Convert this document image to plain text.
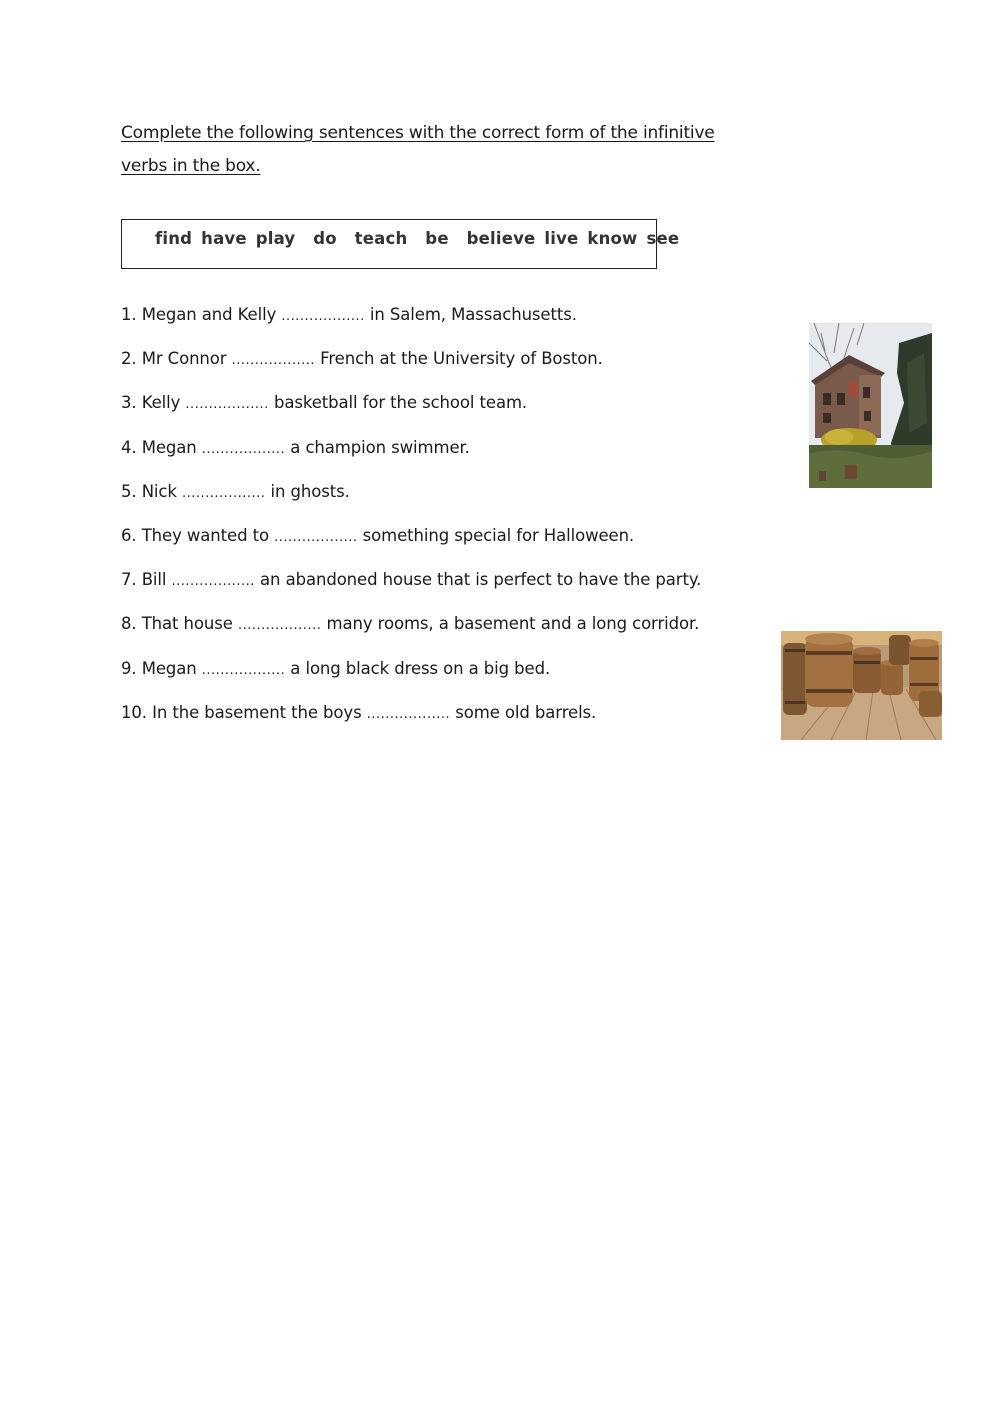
Complete the following sentences with the correct form of the infinitive verbs in the box.
find have play  do  teach  be  believe live know see
1. Megan and Kelly .................. in Salem, Massachusetts.
2. Mr Connor .................. French at the University of Boston.
3. Kelly .................. basketball for the school team.
4. Megan .................. a champion swimmer.
5. Nick .................. in ghosts.
6. They wanted to .................. something special for Halloween.
7. Bill .................. an abandoned house that is perfect to have the party.
8. That house .................. many rooms, a basement and a long corridor.
9. Megan .................. a long black dress on a big bed.
10. In the basement the boys .................. some old barrels.
